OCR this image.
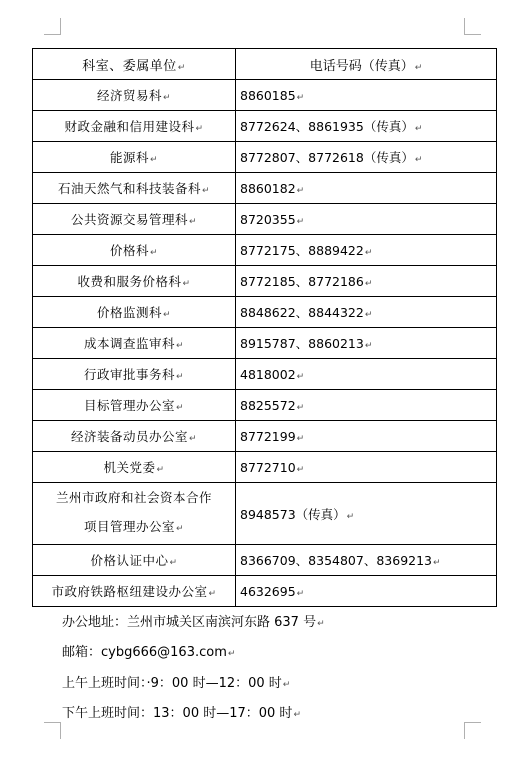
科室、委属单位↵	电话号码（传真）↵
经济贸易科↵	8860185↵
财政金融和信用建设科↵	8772624、8861935（传真）↵
能源科↵	8772807、8772618（传真）↵
石油天然气和科技装备科↵	8860182↵
公共资源交易管理科↵	8720355↵
价格科↵	8772175、8889422↵
收费和服务价格科↵	8772185、8772186↵
价格监测科↵	8848622、8844322↵
成本调查监审科↵	8915787、8860213↵
行政审批事务科↵	4818002↵
目标管理办公室↵	8825572↵
经济装备动员办公室↵	8772199↵
机关党委↵	8772710↵
兰州市政府和社会资本合作
项目管理办公室↵	8948573（传真）↵
价格认证中心↵	8366709、8354807、8369213↵
市政府铁路枢纽建设办公室↵	4632695↵
办公地址：兰州市城关区南滨河东路 637 号↵
邮箱：cybg666@163.com↵
上午上班时间：·9：00 时—12：00 时↵
下午上班时间：13：00 时—17：00 时↵
